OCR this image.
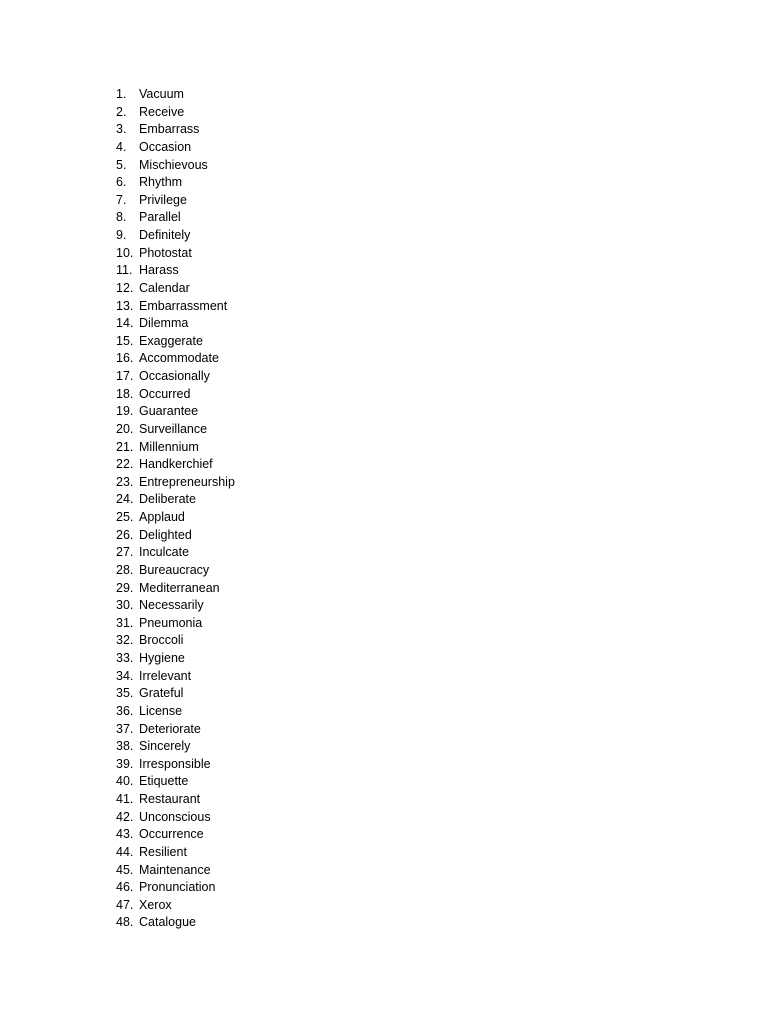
1.	Vacuum
2.	Receive
3.	Embarrass
4.	Occasion
5.	Mischievous
6.	Rhythm
7.	Privilege
8.	Parallel
9.	Definitely
10. Photostat
11. Harass
12. Calendar
13. Embarrassment
14. Dilemma
15. Exaggerate
16. Accommodate
17. Occasionally
18. Occurred
19. Guarantee
20. Surveillance
21. Millennium
22. Handkerchief
23. Entrepreneurship
24. Deliberate
25. Applaud
26. Delighted
27. Inculcate
28. Bureaucracy
29. Mediterranean
30. Necessarily
31. Pneumonia
32. Broccoli
33. Hygiene
34. Irrelevant
35. Grateful
36. License
37. Deteriorate
38. Sincerely
39. Irresponsible
40. Etiquette
41. Restaurant
42. Unconscious
43. Occurrence
44. Resilient
45. Maintenance
46. Pronunciation
47. Xerox
48. Catalogue
